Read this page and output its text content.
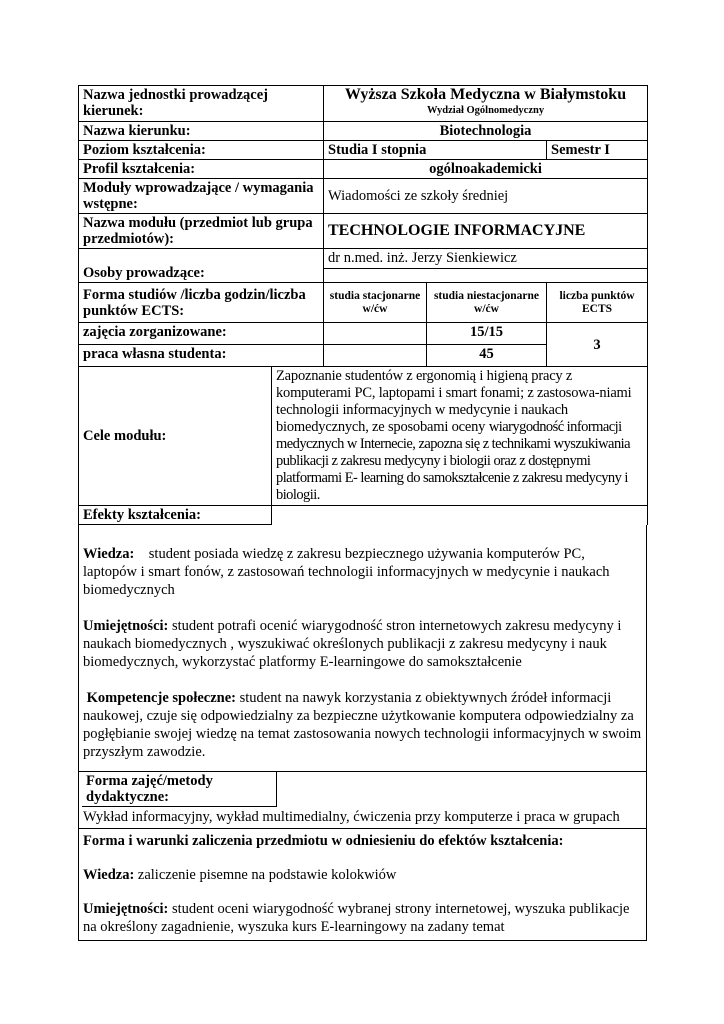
Nazwa jednostki prowadzącej kierunek:	Wyższa Szkoła Medyczna w Białymstoku
Wydział Ogólnomedyczny		

Nazwa kierunku:	Biotechnologia		
Poziom kształcenia:	Studia I stopnia		Semestr I
Profil kształcenia:	ogólnoakademicki		
Moduły wprowadzające / wymagania wstępne:	Wiadomości ze szkoły średniej		
Nazwa modułu (przedmiot lub grupa przedmiotów):	TECHNOLOGIE INFORMACYJNE		
Osoby prowadzące:	dr n.med. inż. Jerzy Sienkiewicz		

Forma studiów /liczba godzin/liczba punktów ECTS:	studia stacjonarne w/ćw	studia niestacjonarne w/ćw	liczba punktów ECTS
zajęcia zorganizowane:		15/15	3
praca własna studenta:		45	
Cele modułu:	Zapoznanie studentów z ergonomią i higieną pracy z komputerami PC, laptopami i smart fonami; z zastosowa-niami technologii informacyjnych w medycynie i naukach biomedycznych, ze sposobami oceny wiarygodność informacji medycznych w Internecie, zapozna się z technikami wyszukiwania publikacji z zakresu medycyny i biologii oraz z dostępnymi platformami E- learning do samokształcenie z zakresu medycyny i biologii.
Efekty kształcenia:	

Wiedza: student posiada wiedzę z zakresu bezpiecznego używania komputerów PC, laptopów i smart fonów, z zastosowań technologii informacyjnych w medycynie i naukach biomedycznych

Umiejętności: student potrafi ocenić wiarygodność stron internetowych zakresu medycyny i naukach biomedycznych , wyszukiwać określonych publikacji z zakresu medycyny i nauk biomedycznych, wykorzystać platformy E-learningowe do samokształcenie

Kompetencje społeczne: student na nawyk korzystania z obiektywnych źródeł informacji naukowej, czuje się odpowiedzialny za bezpieczne użytkowanie komputera odpowiedzialny za pogłębianie swojej wiedzę na temat zastosowania nowych technologii informacyjnych w swoim przyszłym zawodzie.

Forma zajęć/metody dydaktyczne:

Wykład informacyjny, wykład multimedialny, ćwiczenia przy komputerze i praca w grupach

Forma i warunki zaliczenia przedmiotu w odniesieniu do efektów kształcenia:

Wiedza: zaliczenie pisemne na podstawie kolokwiów

Umiejętności: student oceni wiarygodność wybranej strony internetowej, wyszuka publikacje na określony zagadnienie, wyszuka kurs E-learningowy na zadany temat
